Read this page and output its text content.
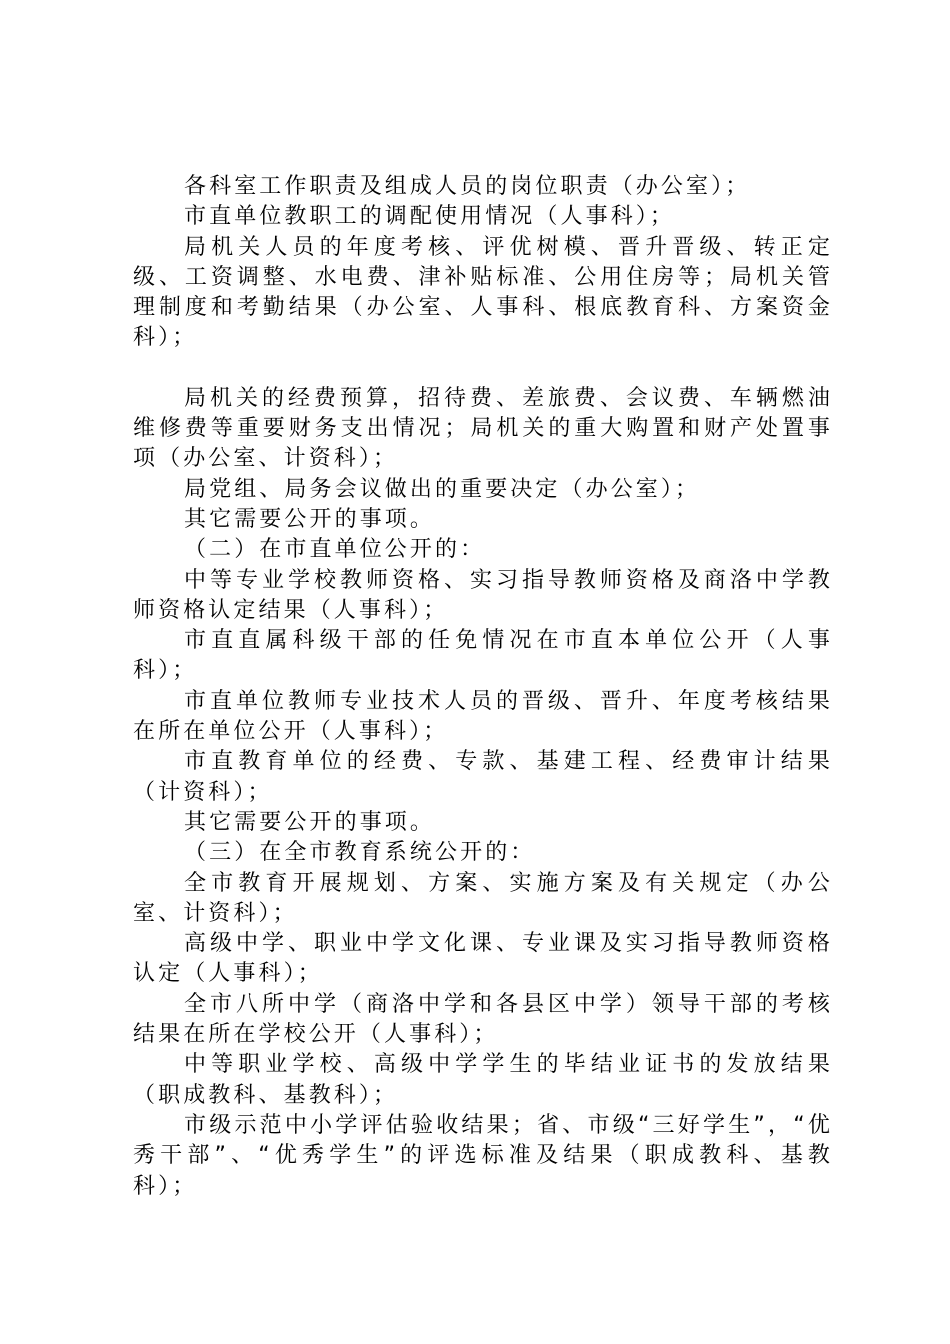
各科室工作职责及组成人员的岗位职责（办公室）；

市直单位教职工的调配使用情况（人事科）；

局机关人员的年度考核、评优树模、晋升晋级、转正定级、工资调整、水电费、津补贴标准、公用住房等；局机关管理制度和考勤结果（办公室、人事科、根底教育科、方案资金科）；

局机关的经费预算，招待费、差旅费、会议费、车辆燃油维修费等重要财务支出情况；局机关的重大购置和财产处置事项（办公室、计资科）；

局党组、局务会议做出的重要决定（办公室）；

其它需要公开的事项。

（二）在市直单位公开的：

中等专业学校教师资格、实习指导教师资格及商洛中学教师资格认定结果（人事科）；

市直直属科级干部的任免情况在市直本单位公开（人事科）；

市直单位教师专业技术人员的晋级、晋升、年度考核结果在所在单位公开（人事科）；

市直教育单位的经费、专款、基建工程、经费审计结果（计资科）；

其它需要公开的事项。

（三）在全市教育系统公开的：

全市教育开展规划、方案、实施方案及有关规定（办公室、计资科）；

高级中学、职业中学文化课、专业课及实习指导教师资格认定（人事科）；

全市八所中学（商洛中学和各县区中学）领导干部的考核结果在所在学校公开（人事科）；

中等职业学校、高级中学学生的毕结业证书的发放结果（职成教科、基教科）；

市级示范中小学评估验收结果；省、市级“三好学生”，“优秀干部”、“优秀学生”的评选标准及结果（职成教科、基教科）；
